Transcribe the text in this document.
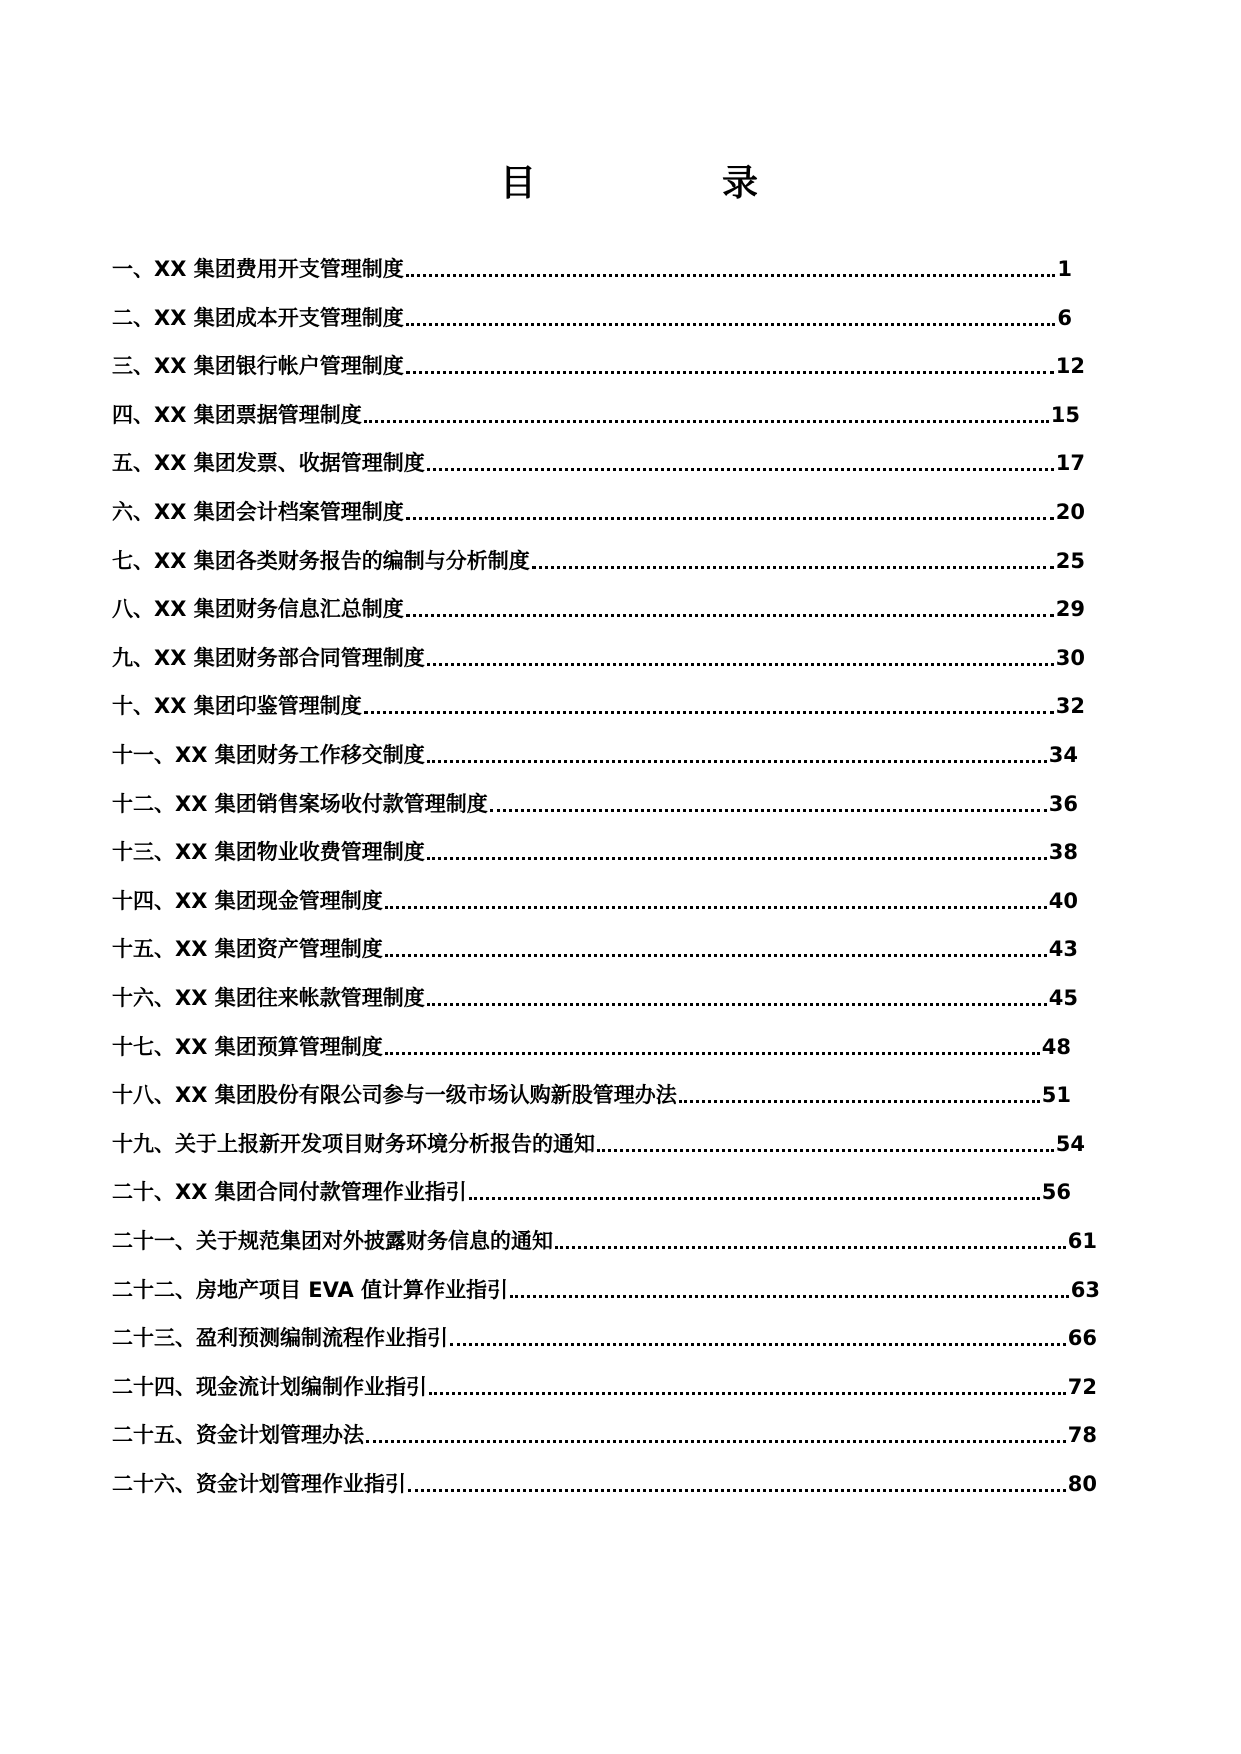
目	录
一、 XX 集团费用开支管理制度	1
二、 XX 集团成本开支管理制度	6
三、 XX 集团银行帐户管理制度	12
四、 XX 集团票据管理制度	15
五、 XX 集团发票、收据管理制度	17
六、 XX 集团会计档案管理制度	20
七、 XX 集团各类财务报告的编制与分析制度	25
八、 XX 集团财务信息汇总制度	29
九、 XX 集团财务部合同管理制度	30
十、 XX 集团印鉴管理制度	32
十一、 XX 集团财务工作移交制度	34
十二、 XX 集团销售案场收付款管理制度	36
十三、 XX 集团物业收费管理制度	38
十四、 XX 集团现金管理制度	40
十五、 XX 集团资产管理制度	43
十六、 XX 集团往来帐款管理制度	45
十七、 XX 集团预算管理制度	48
十八、 XX 集团股份有限公司参与一级市场认购新股管理办法	51
十九、 关于上报新开发项目财务环境分析报告的通知	54
二十、 XX 集团合同付款管理作业指引	56
二十一、 关于规范集团对外披露财务信息的通知	61
二十二、 房地产项目 EVA 值计算作业指引	63
二十三、 盈利预测编制流程作业指引	66
二十四、 现金流计划编制作业指引	72
二十五、 资金计划管理办法	78
二十六、 资金计划管理作业指引	80
